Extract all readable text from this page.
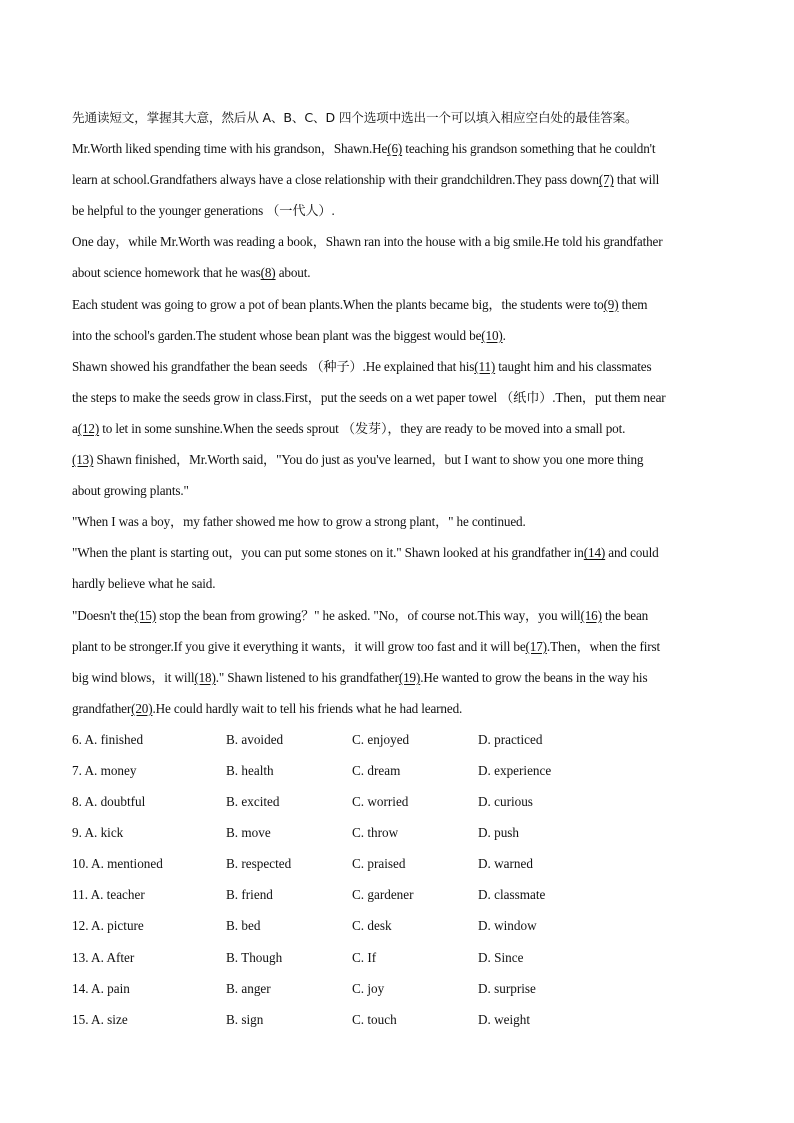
先通读短文，掌握其大意，然后从 A、B、C、D 四个选项中选出一个可以填入相应空白处的最佳答案。
Mr.Worth liked spending time with his grandson，Shawn.He(6) teaching his grandson something that he couldn't
learn at school.Grandfathers always have a close relationship with their grandchildren.They pass down(7) that will
be helpful to the younger generations （一代人）.
One day，while Mr.Worth was reading a book，Shawn ran into the house with a big smile.He told his grandfather
about science homework that he was(8) about.
Each student was going to grow a pot of bean plants.When the plants became big，the students were to(9) them
into the school's garden.The student whose bean plant was the biggest would be(10).
Shawn showed his grandfather the bean seeds （种子）.He explained that his(11) taught him and his classmates
the steps to make the seeds grow in class.First，put the seeds on a wet paper towel （纸巾）.Then，put them near
a(12) to let in some sunshine.When the seeds sprout （发芽），they are ready to be moved into a small pot.
(13) Shawn finished，Mr.Worth said，"You do just as you've learned，but I want to show you one more thing
about growing plants."
"When I was a boy，my father showed me how to grow a strong plant，" he continued.
"When the plant is starting out，you can put some stones on it." Shawn looked at his grandfather in(14) and could
hardly believe what he said.
"Doesn't the(15) stop the bean from growing？" he asked. "No，of course not.This way，you will(16) the bean
plant to be stronger.If you give it everything it wants，it will grow too fast and it will be(17).Then，when the first
big wind blows，it will(18)." Shawn listened to his grandfather(19).He wanted to grow the beans in the way his
grandfather(20).He could hardly wait to tell his friends what he had learned.
6. A. finished	B. avoided	C. enjoyed	D. practiced
7. A. money	B. health	C. dream	D. experience
8. A. doubtful	B. excited	C. worried	D. curious
9. A. kick	B. move	C. throw	D. push
10. A. mentioned	B. respected	C. praised	D. warned
11. A. teacher	B. friend	C. gardener	D. classmate
12. A. picture	B. bed	C. desk	D. window
13. A. After	B. Though	C. If	D. Since
14. A. pain	B. anger	C. joy	D. surprise
15. A. size	B. sign	C. touch	D. weight
